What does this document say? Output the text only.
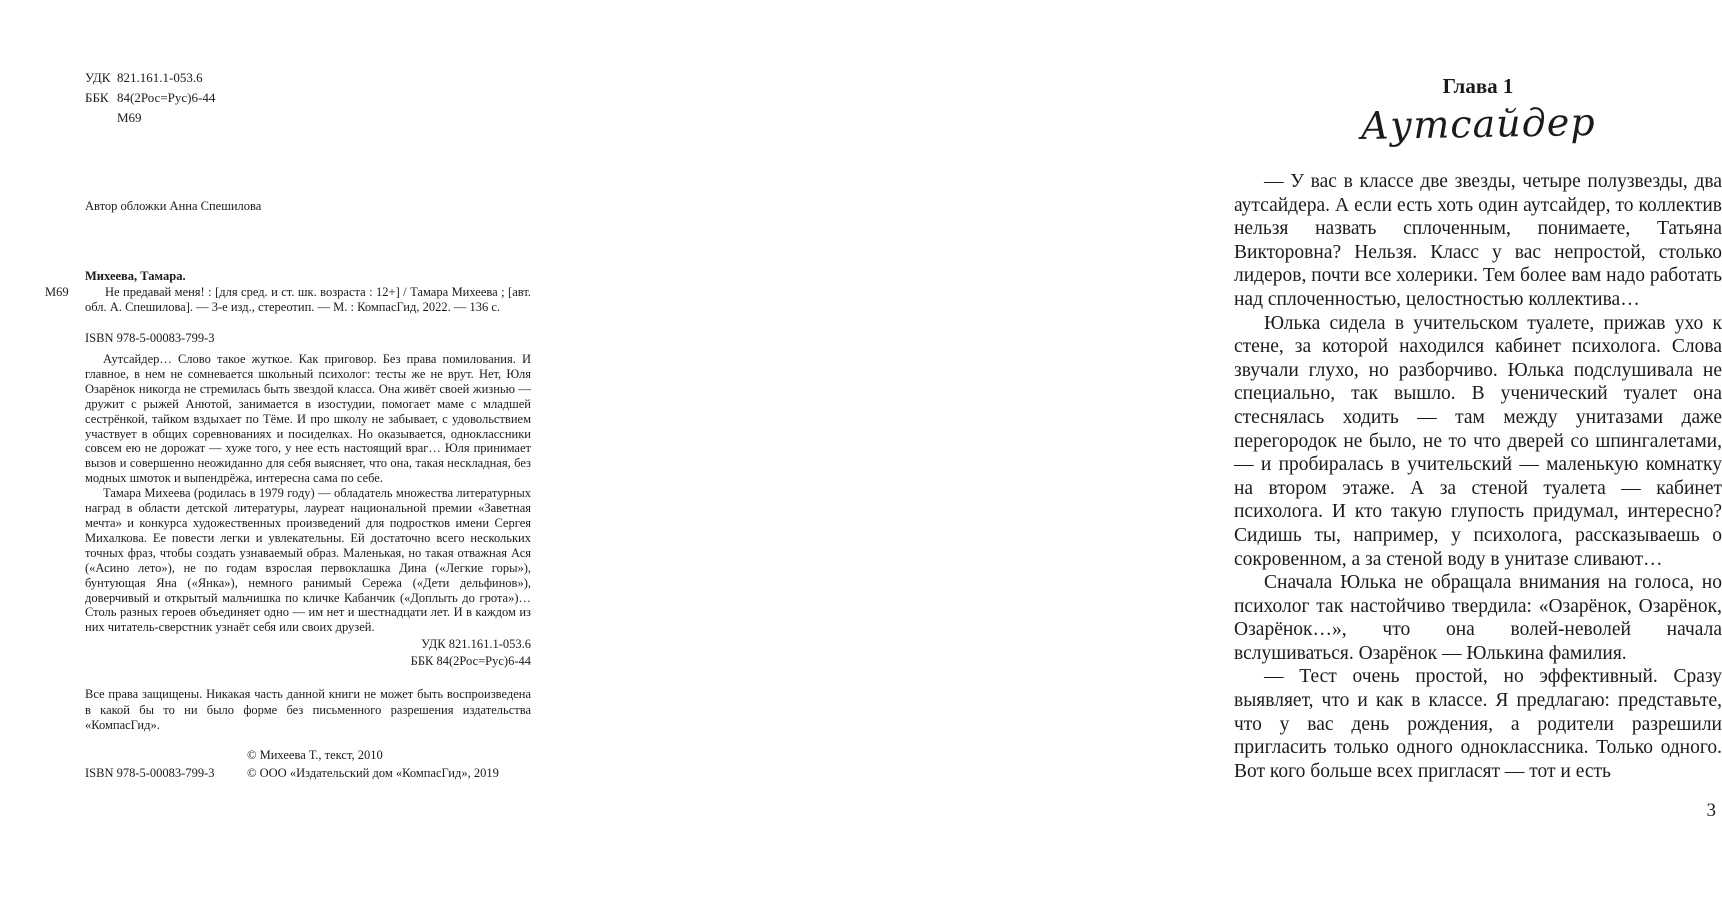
УДК 821.161.1-053.6
ББК 84(2Рос=Рус)6-44
М69
Автор обложки Анна Спешилова
Михеева, Тамара.
М69	Не предавай меня! : [для сред. и ст. шк. возраста : 12+] / Тамара Михеева ; [авт. обл. А. Спешилова]. — 3-е изд., стереотип. — М. : КомпасГид, 2022. — 136 с.
ISBN 978-5-00083-799-3

Аутсайдер… Слово такое жуткое. Как приговор. Без права помилования. И главное, в нем не сомневается школьный психолог: тесты же не врут. Нет, Юля Озарёнок никогда не стремилась быть звездой класса. Она живёт своей жизнью — дружит с рыжей Анютой, занимается в изостудии, помогает маме с младшей сестрёнкой, тайком вздыхает по Тёме. И про школу не забывает, с удовольствием участвует в общих соревнованиях и посиделках. Но оказывается, одноклассники совсем ею не дорожат — хуже того, у нее есть настоящий враг… Юля принимает вызов и совершенно неожиданно для себя выясняет, что она, такая нескладная, без модных шмоток и выпендрёжа, интересна сама по себе.

Тамара Михеева (родилась в 1979 году) — обладатель множества литературных наград в области детской литературы, лауреат национальной премии «Заветная мечта» и конкурса художественных произведений для подростков имени Сергея Михалкова. Ее повести легки и увлекательны. Ей достаточно всего нескольких точных фраз, чтобы создать узнаваемый образ. Маленькая, но такая отважная Ася («Асино лето»), не по годам взрослая первоклашка Дина («Легкие горы»), бунтующая Яна («Янка»), немного ранимый Сережа («Дети дельфинов»), доверчивый и открытый мальчишка по кличке Кабанчик («Доплыть до грота»)… Столь разных героев объединяет одно — им нет и шестнадцати лет. И в каждом из них читатель-сверстник узнаёт себя или своих друзей.

УДК 821.161.1-053.6
ББК 84(2Рос=Рус)6-44
Все права защищены. Никакая часть данной книги не может быть воспроизведена в какой бы то ни было форме без письменного разрешения издательства «КомпасГид».
© Михеева Т., текст, 2010
ISBN 978-5-00083-799-3	© ООО «Издательский дом «КомпасГид», 2019
Глава 1
Аутсайдер

— У вас в классе две звезды, четыре полузвезды, два аутсайдера. А если есть хоть один аутсайдер, то коллектив нельзя назвать сплоченным, понимаете, Татьяна Викторовна? Нельзя. Класс у вас непростой, столько лидеров, почти все холерики. Тем более вам надо работать над сплоченностью, целостностью коллектива…

Юлька сидела в учительском туалете, прижав ухо к стене, за которой находился кабинет психолога. Слова звучали глухо, но разборчиво. Юлька подслушивала не специально, так вышло. В ученический туалет она стеснялась ходить — там между унитазами даже перегородок не было, не то что дверей со шпингалетами, — и пробиралась в учительский — маленькую комнатку на втором этаже. А за стеной туалета — кабинет психолога. И кто такую глупость придумал, интересно? Сидишь ты, например, у психолога, рассказываешь о сокровенном, а за стеной воду в унитазе сливают…

Сначала Юлька не обращала внимания на голоса, но психолог так настойчиво твердила: «Озарёнок, Озарёнок, Озарёнок…», что она волей-неволей начала вслушиваться. Озарёнок — Юлькина фамилия.

— Тест очень простой, но эффективный. Сразу выявляет, что и как в классе. Я предлагаю: представьте, что у вас день рождения, а родители разрешили пригласить только одного одноклассника. Только одного. Вот кого больше всех пригласят — тот и есть

3
